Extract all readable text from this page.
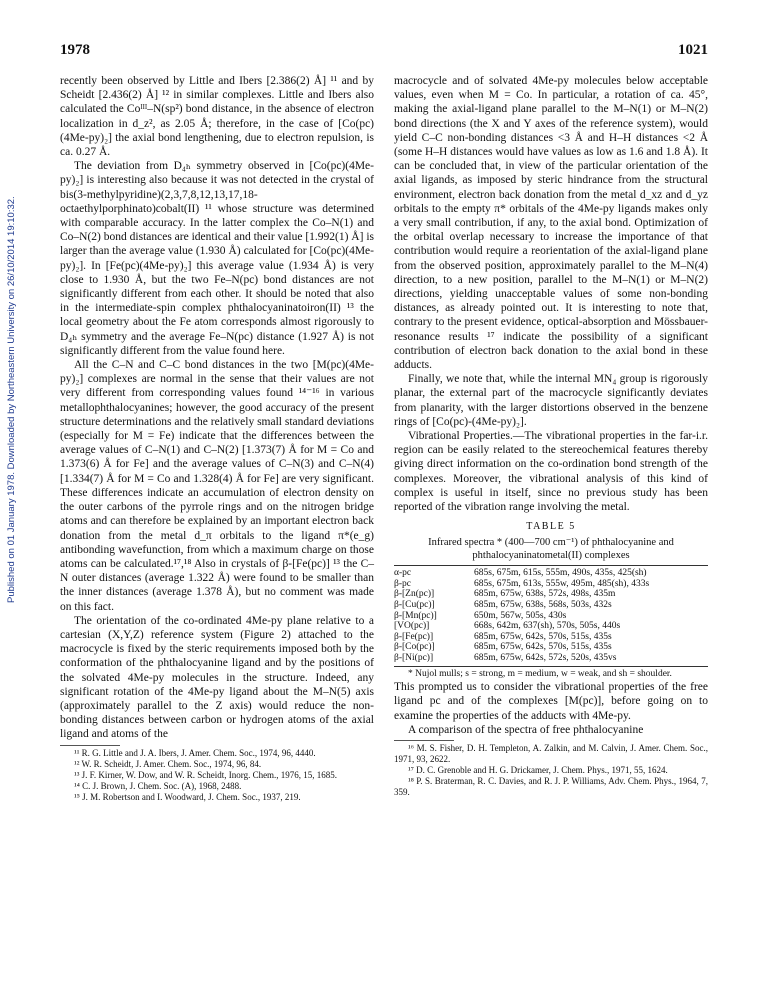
1978	1021
Published on 01 January 1978. Downloaded by Northeastern University on 26/10/2014 19:10:32.

recently been observed by Little and Ibers [2.386(2) Å] ¹¹ and by Scheidt [2.436(2) Å] ¹² in similar complexes. Little and Ibers also calculated the Coᴵᴵᴵ–N(sp²) bond distance, in the absence of electron localization in d_z², as 2.05 Å; therefore, in the case of [Co(pc)(4Me-py)₂] the axial bond lengthening, due to electron repulsion, is ca. 0.27 Å.

The deviation from D₄ₕ symmetry observed in [Co(pc)(4Me-py)₂] is interesting also because it was not detected in the crystal of bis(3-methylpyridine)(2,3,7,8,12,13,17,18-octaethylporphinato)cobalt(II) ¹¹ whose structure was determined with comparable accuracy. In the latter complex the Co–N(1) and Co–N(2) bond distances are identical and their value [1.992(1) Å] is larger than the average value (1.930 Å) calculated for [Co(pc)(4Me-py)₂]. In [Fe(pc)(4Me-py)₂] this average value (1.934 Å) is very close to 1.930 Å, but the two Fe–N(pc) bond distances are not significantly different from each other. It should be noted that also in the intermediate-spin complex phthalocyaninatoiron(II) ¹³ the local geometry about the Fe atom corresponds almost rigorously to D₄ₕ symmetry and the average Fe–N(pc) distance (1.927 Å) is not significantly different from the value found here.

All the C–N and C–C bond distances in the two [M(pc)(4Me-py)₂] complexes are normal in the sense that their values are not very different from corresponding values found ¹⁴⁻¹⁶ in various metallophthalocyanines; however, the good accuracy of the present structure determinations and the relatively small standard deviations (especially for M = Fe) indicate that the differences between the average values of C–N(1) and C–N(2) [1.373(7) Å for M = Co and 1.373(6) Å for Fe] and the average values of C–N(3) and C–N(4) [1.334(7) Å for M = Co and 1.328(4) Å for Fe] are very significant. These differences indicate an accumulation of electron density on the outer carbons of the pyrrole rings and on the nitrogen bridge atoms and can therefore be explained by an important electron back donation from the metal d_π orbitals to the ligand π*(e_g) antibonding wavefunction, from which a maximum charge on those atoms can be calculated.¹⁷,¹⁸ Also in crystals of β-[Fe(pc)] ¹³ the C–N outer distances (average 1.322 Å) were found to be smaller than the inner distances (average 1.378 Å), but no comment was made on this fact.

The orientation of the co-ordinated 4Me-py plane relative to a cartesian (X,Y,Z) reference system (Figure 2) attached to the macrocycle is fixed by the steric requirements imposed both by the conformation of the phthalocyanine ligand and by the positions of the solvated 4Me-py molecules in the structure. Indeed, any significant rotation of the 4Me-py ligand about the M–N(5) axis (approximately parallel to the Z axis) would reduce the non-bonding distances between carbon or hydrogen atoms of the axial ligand and atoms of the

¹¹ R. G. Little and J. A. Ibers, J. Amer. Chem. Soc., 1974, 96, 4440.

¹² W. R. Scheidt, J. Amer. Chem. Soc., 1974, 96, 84.

¹³ J. F. Kirner, W. Dow, and W. R. Scheidt, Inorg. Chem., 1976, 15, 1685.

¹⁴ C. J. Brown, J. Chem. Soc. (A), 1968, 2488.

¹⁵ J. M. Robertson and I. Woodward, J. Chem. Soc., 1937, 219.

macrocycle and of solvated 4Me-py molecules below acceptable values, even when M = Co. In particular, a rotation of ca. 45°, making the axial-ligand plane parallel to the M–N(1) or M–N(2) bond directions (the X and Y axes of the reference system), would yield C–C non-bonding distances <3 Å and H–H distances <2 Å (some H–H distances would have values as low as 1.6 and 1.8 Å). It can be concluded that, in view of the particular orientation of the axial ligands, as imposed by steric hindrance from the structural environment, electron back donation from the metal d_xz and d_yz orbitals to the empty π* orbitals of the 4Me-py ligands makes only a very small contribution, if any, to the axial bond. Optimization of the orbital overlap necessary to increase the importance of that contribution would require a reorientation of the axial-ligand plane from the observed position, approximately parallel to the M–N(4) direction, to a new position, parallel to the M–N(1) or M–N(2) directions, yielding unacceptable values of some non-bonding distances, as already pointed out. It is interesting to note that, contrary to the present evidence, optical-absorption and Mössbauer-resonance results ¹⁷ indicate the possibility of a significant contribution of electron back donation to the axial bond in these adducts.

Finally, we note that, while the internal MN₄ group is rigorously planar, the external part of the macrocycle significantly deviates from planarity, with the larger distortions observed in the benzene rings of [Co(pc)-(4Me-py)₂].

Vibrational Properties.—The vibrational properties in the far-i.r. region can be easily related to the stereochemical features thereby giving direct information on the co-ordination bond strength of the complexes. Moreover, the vibrational analysis of this kind of complex is useful in itself, since no previous study has been reported of the vibration range involving the metal.

TABLE 5
Infrared spectra * (400—700 cm⁻¹) of phthalocyanine and phthalocyaninatometal(II) complexes
α-pc	685s, 675m, 615s, 555m, 490s, 435s, 425(sh)
β-pc	685s, 675m, 613s, 555w, 495m, 485(sh), 433s
β-[Zn(pc)]	685m, 675w, 638s, 572s, 498s, 435m
β-[Cu(pc)]	685m, 675w, 638s, 568s, 503s, 432s
β-[Mn(pc)]	650m, 567w, 505s, 430s
[VO(pc)]	668s, 642m, 637(sh), 570s, 505s, 440s
β-[Fe(pc)]	685m, 675w, 642s, 570s, 515s, 435s
β-[Co(pc)]	685m, 675w, 642s, 570s, 515s, 435s
β-[Ni(pc)]	685m, 675w, 642s, 572s, 520s, 435vs

* Nujol mulls; s = strong, m = medium, w = weak, and sh = shoulder.

This prompted us to consider the vibrational properties of the free ligand pc and of the complexes [M(pc)], before going on to examine the properties of the adducts with 4Me-py.

A comparison of the spectra of free phthalocyanine

¹⁶ M. S. Fisher, D. H. Templeton, A. Zalkin, and M. Calvin, J. Amer. Chem. Soc., 1971, 93, 2622.

¹⁷ D. C. Grenoble and H. G. Drickamer, J. Chem. Phys., 1971, 55, 1624.

¹⁸ P. S. Braterman, R. C. Davies, and R. J. P. Williams, Adv. Chem. Phys., 1964, 7, 359.
